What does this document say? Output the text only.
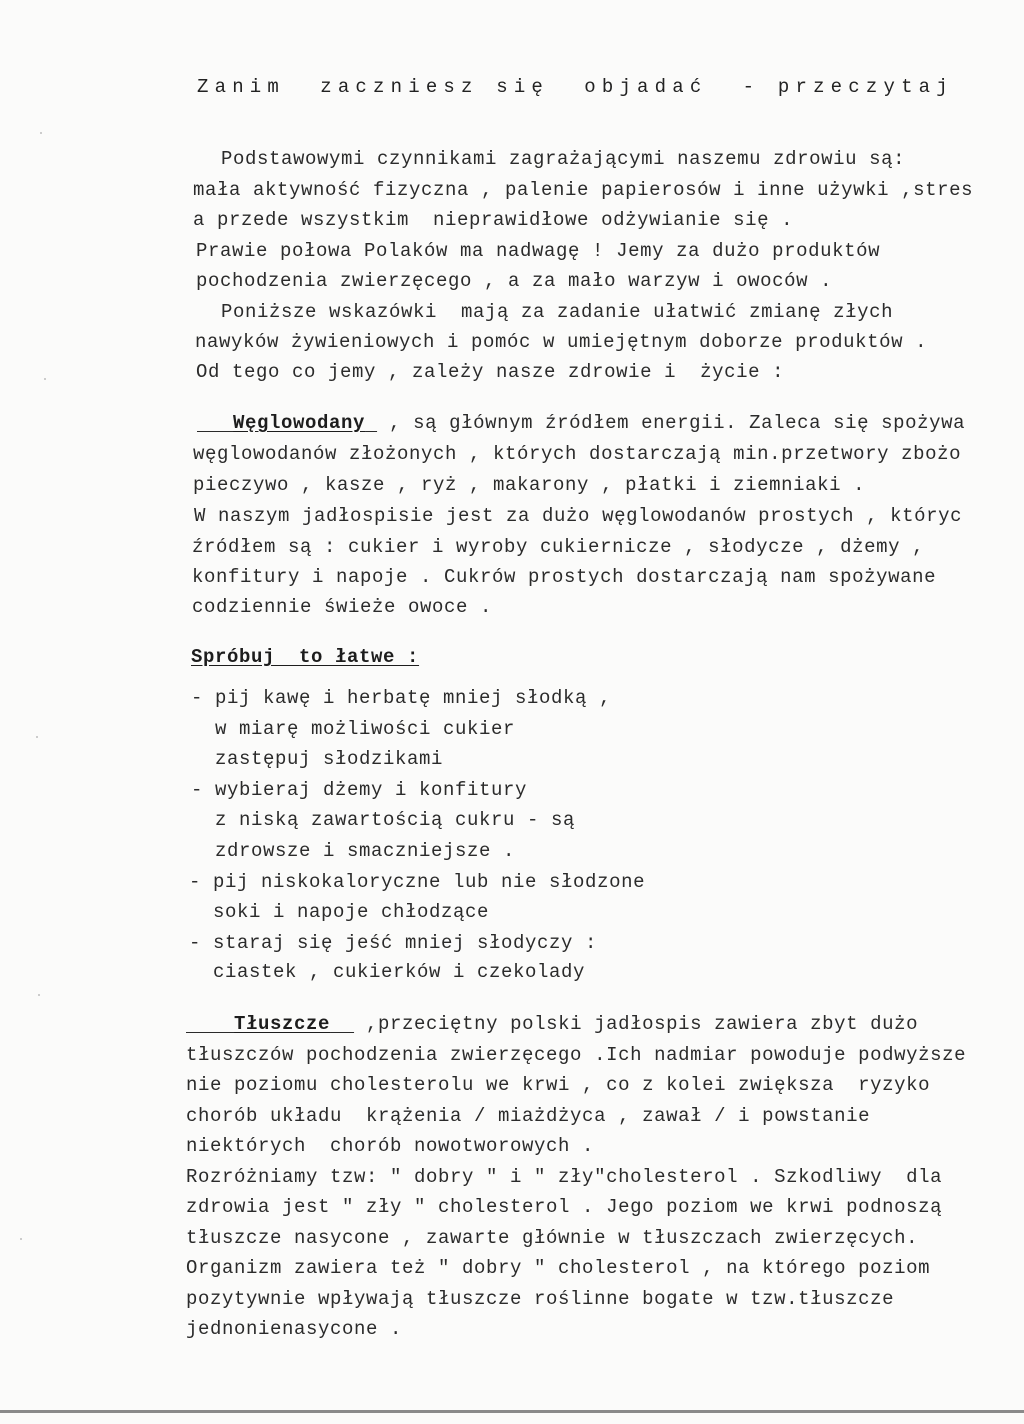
Zanim  zaczniesz się  objadać  - przeczytaj
Podstawowymi czynnikami zagrażającymi naszemu zdrowiu są:
mała aktywność fizyczna , palenie papierosów i inne używki ,stres
a przede wszystkim  nieprawidłowe odżywianie się .
Prawie połowa Polaków ma nadwagę ! Jemy za dużo produktów
pochodzenia zwierzęcego , a za mało warzyw i owoców .
Poniższe wskazówki  mają za zadanie ułatwić zmianę złych
nawyków żywieniowych i pomóc w umiejętnym doborze produktów .
Od tego co jemy , zależy nasze zdrowie i  życie :
Węglowodany  , są głównym źródłem energii. Zaleca się spożywa
węglowodanów złożonych , których dostarczają min.przetwory zbożo
pieczywo , kasze , ryż , makarony , płatki i ziemniaki .
W naszym jadłospisie jest za dużo węglowodanów prostych , któryc
źródłem są : cukier i wyroby cukiernicze , słodycze , dżemy ,
konfitury i napoje . Cukrów prostych dostarczają nam spożywane
codziennie świeże owoce .
Spróbuj  to łatwe :
- pij kawę i herbatę mniej słodką ,
w miarę możliwości cukier
zastępuj słodzikami
- wybieraj dżemy i konfitury
z niską zawartością cukru - są
zdrowsze i smaczniejsze .
- pij niskokaloryczne lub nie słodzone
soki i napoje chłodzące
- staraj się jeść mniej słodyczy :
ciastek , cukierków i czekolady
Tłuszcze   ,przeciętny polski jadłospis zawiera zbyt dużo
tłuszczów pochodzenia zwierzęcego .Ich nadmiar powoduje podwyższe
nie poziomu cholesterolu we krwi , co z kolei zwiększa  ryzyko
chorób układu  krążenia / miażdżyca , zawał / i powstanie
niektórych  chorób nowotworowych .
Rozróżniamy tzw: " dobry " i " zły"cholesterol . Szkodliwy  dla
zdrowia jest " zły " cholesterol . Jego poziom we krwi podnoszą
tłuszcze nasycone , zawarte głównie w tłuszczach zwierzęcych.
Organizm zawiera też " dobry " cholesterol , na którego poziom
pozytywnie wpływają tłuszcze roślinne bogate w tzw.tłuszcze
jednonienasycone .
